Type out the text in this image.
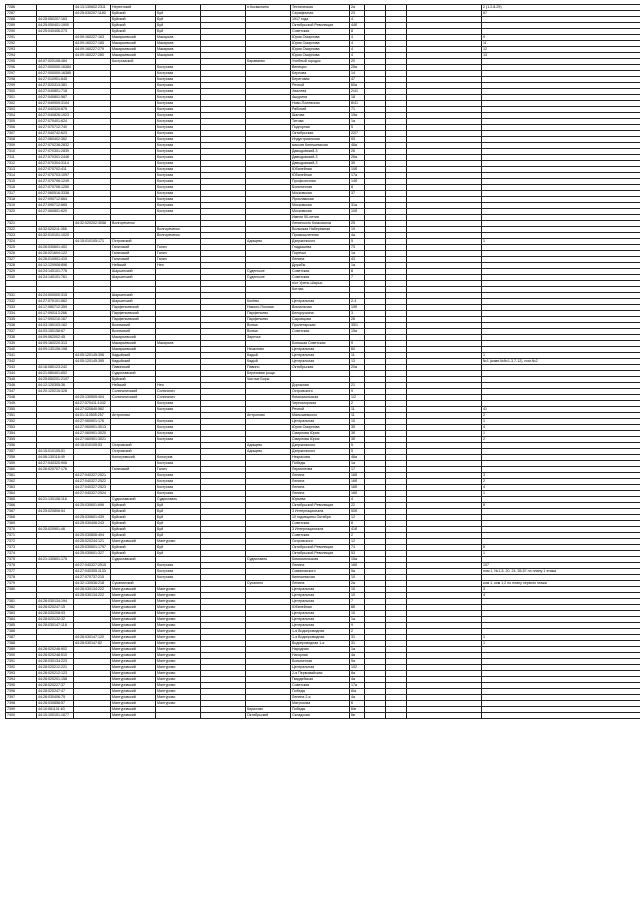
7286		44:13:130602:2311	Нерехтский			п.Космынино	Техническая	2а				2 (1.2.8-29)
7287		44:25:030207:1180	Буйский	Буй			Серафичная	23				67
7288	44:25:050207:163		Буйский	Буй			1917 года	4				
7289	44:25:050401:1900		Буйский	Буй			Октябрьской Революции	44б				
7290	44:25:040406:273		Буйский	Буй			Советская	8				
7291		44:09:160227:163	Макарьевский	Макарьев			Юрия Смирнова	4				9
7292		44:09:160227:165	Макарьевский	Макарьев			Юрия Смирнова	4				11
7293		44:09:160227:279	Макарьевский	Макарьев			Юрия Смирнова	4				12
7294		44:09:160227:280	Макарьевский	Макарьев			Юрия Смирнова	4				13
7295	44:07:020108:484		Костромской			Караваево	Учебный городок	20				
7296	44:27:000000:16384			Кострома			Венеции	25а				
7297	44:27:000000:16385			Кострома			Берлова	14				
7298	44:27:010901:645			Кострома			Береговая	47				
7299	44:27:020313:381			Кострома			Речной	60а				
7300	44:27:040801:718			Кострома			Хвалева	2/41				
7301	44:27:040801:587			Кострома			Ашурина	18				
7302	44:27:040909:3104			Кострома			Ново-Полевская	8/41				
7303	44:27:040320:875			Кострома			Рабочий	71				
7304	44:27:040826:1923			Кострома			Шагова	19а				
7305	44:27:070401:624			Кострома			Титова	1а				
7306	44:27:070712:740			Кострома			Подгорная	5				
7307	44:27:040742:623			Кострома			Октябрьская	22/7				
7308	44:27:060402:362			Кострома			Индустриальная	93				
7309	44:27:070236:2832			Кострома			массив Кинешемская	46а				
7310	44:27:070301:2839			Кострома			Давыдовский-3	26				
7311	44:27:070301:2446			Кострома			Давыдовский-3	26а				
7312	44:27:070304:3114			Кострома			Давыдовский-3	39				
7313	44:27:070702:411			Кострома			Юбилейная	10б				
7314	44:27:070703:1097			Кострома			Юбилейная	17а				
7315	44:27:070706:1249			Кострома			Профсоюзная	14б				
7316	44:27:070706:1250			Кострома			Больничная	8				
7317	44:27:060516:3336			Кострома			Московская	37				
7318	44:27:090712:664			Кострома			Ярославская					
7319	44:27:090712:665			Кострома			Московская	31а				
7320	44:27:060801:620			Кострома			Московская	10б				
							Имени 50-летия					
7321		44:32:020202:3058	Волгореченск				Ленинского Комсомола	25				
7322	44:32:020211:355			Волгореченск			Волжская Набережная	19				
7323	44:32:010101:1020			Волгореченск			Промышленная	4а				
7324		44:15:010105:171	Островский			Адищево	Дзержинского	5				1
7325	44:26:030601:402		Галичский	Галич			Гладышева	73				
7326	44:26:021604:122		Галичский	Галич			Поречье	1а				
7327	44:26:010901:419		Галичский	Галич			Ленина	43				
7328	44:12:120908:896		Нейский	Нея			Дружбы	1а				
7329	44:24:140101:776		Шарьинский			Суденское	Советская	8				
7330	44:24:140101:761		Шарьинский			Суденское	Советская	7				
							п/ст Урень-Шарья-					
							Котлас					
7331	44:24:000000:315		Шарьинский									
7332	44:27:070101:562		Шарьинский			Конёво	Центральная	2-4				
7333	44:17:080712:359		Парфеньевский			Николо-Полома	Вокзальная	19б				
7334	44:17:090113:286		Парфеньевский			Парфеньево	Белоручкина	3				
7335	44:17:090210:167		Парфеньевский			Парфеньево	Сыровцова	26				
7336	44:03:150103:162		Вохомский			Вохма	Пролетарская	35/1				
7337	44:03:150158:67		Вохомский			Вохма	Советская	15а				
7338	44:09:062002:45		Макарьевский			Заречье						
7339	44:09:160220:313		Макарьевский	Макарьев			Большая Советская	9				
7340	44:09:130106:198		Макарьевский			Нешитово	Центральная	60				
7341		44:05:120145:396	Кадыйский			Кадый	Центральная	11				1
7342		44:05:120145:395	Кадыйский			Кадый	Центральная	13				№1 (комн.№№1-3,7-12), пом.№2
7343	44:16:080123:242		Павинский			Павино	Октябрьская	20а				
7344	44:21:080401:652		Судиславский			Березовая роща						
7345	44:25:050201:2197		Буйский			Чистые Боры						
7346	44:12:120305:36		Нейский	Нея			Дорожная	21				
7347	44:20:120215:328		Солигаличский	Солигалич			Островского	9				
7348		44:20:130505:404	Солигаличский	Солигалич			Комсомольская	1/2				
7349		44:27:070411:1042		Кострома			Черноморская	2				
7350		44:27:020840:582		Кострома			Речной	11				41
7351		44:01:110505:257	Антропово			Антропово	Малышевского	11				2
7352		44:27:060901:176		Кострома			Центральная	10				1
7353		44:27:060901:3013		Кострома			Юрия Смирнова	3б				4
7354		44:27:060901:3020		Кострома			Смирнова Юрия	3б				1
7355		44:27:060901:3021		Кострома			Смирнова Юрия	3б				2
7356		44:15:010105:53	Островский			Адищево	Дзержинского	5				
7357	44:15:010105:51		Островский			Адищево	Дзержинского	5				
7358	44:06:130116:49		Кологривский	Кологрив			Некрасова	46а				
7359	44:27:040320:906			Кострома			Победы	1а				
7360	44:26:020707:176		Галичский	Галич			Лермонтова	17				
7361		44:27:040327:2521		Кострома			Ленина	16б				3
7362		44:27:040327:2522		Кострома			Ленина	16б				2
7363		44:27:040327:2523		Кострома			Ленина	16б				4
7364		44:27:040327:2524		Кострома			Ленина	16б				1
7365	44:21:130108:116		Судиславский	Судиславль			Юрьева	4				
7366		44:25:030601:696	Буйский	Буй			Октябрьской Революции	22				8
7367	44:25:020806:54		Буйский	Буй			3 Интернационала	50б				
7368		44:25:030601:439	Буйский	Буй			10 годовщины Октября	12				
7369		44:25:030406:243	Буйский	Буй			Советская	8				
7370	44:25:020901:46		Буйский	Буй			3 Интернационала	41б				
7371		44:25:030806:494	Буйский	Буй			Советская	2				
7372		44:28:020244:121	Мантуровский	Мантурово			Островского	12				
7373		44:25:030601:1797	Буйский	Буй			Октябрьской Революции	74				5
7374		44:25:030601:327	Буйский	Буй			Октябрьской Революции	53				1
7375	44:21:130601:175		Судиславский			Судиславль	Комсомольская	15а				
7376		44:27:040327:2515		Кострома			Ленина	16б				107
7377		44:27:040305:1133		Кострома			Симановского	5а				пом 1, №1-5, 20, 24, 55-57 по плану 1 этажа
7378		44:27:070737:215		Кострома			Кинешемская	10				
7379		44:32:130536:218	Сусанинский			Сусанино	Ленина	2а				ком 1, ком 1,2 по плану первого этажа
7380		44:28:030134:222	Мантуровский	Мантурово			Центральная	10				3
		44:28:030134:222	Мантуровский	Мантурово			Центральная	10				4
7381	44:28:030134:194		Мантуровский	Мантурово			Центральная	7				
7382	44:28:020247:15		Мантуровский	Мантурово			Юбилейная	8б				
7383	44:28:030208:93		Мантуровский	Мантурово			Центральная	10				
7384	44:28:020132:32		Мантуровский	Мантурово			Центральная	1а				
7385	44:28:030147:118		Мантуровский	Мантурово			Центральная	9				
7386			Мантуровский	Мантурово			1-я Водопроводная	2				
7387		44:28:030147:120	Мантуровский	Мантурово			1-я Водопроводная	31				1
7388		44:28:030147:82	Мантуровский	Мантурово			Водопроводная 1-я	31				1
7389	44:28:020246:902		Мантуровский	Мантурово			Народная	1а				
7390	44:28:020248:510		Мантуровский	Мантурово			Нагорная	4а				
7391	44:28:030134:223		Мантуровский	Мантурово			Больничная	9а				
7392	44:28:020212:221		Мантуровский	Мантурово			Центральная	102				
7393	44:28:020212:123		Мантуровский	Мантурово			2-я Первомайская	8а				
7394	44:28:020201:158		Мантуровский	Мантурово			Гвардейская	4а				
7395	44:28:020227:37		Мантуровский	Мантурово			Советская	17а				
7396	44:28:020247:47		Мантуровский	Мантурово			Победы	8/а				
7397	44:28:030406:75		Мантуровский	Мантурово			Ленина 2-я	4а				
7398	44:28:030858:57		Мантуровский	Мантурово			Матросова	6				
7399	44:10:061101:63		Мантуровский			Кирилово	Победы	6/в				
7400	44:10:100101:1677		Мантуровский			Октябрьский	Складская	6в				
